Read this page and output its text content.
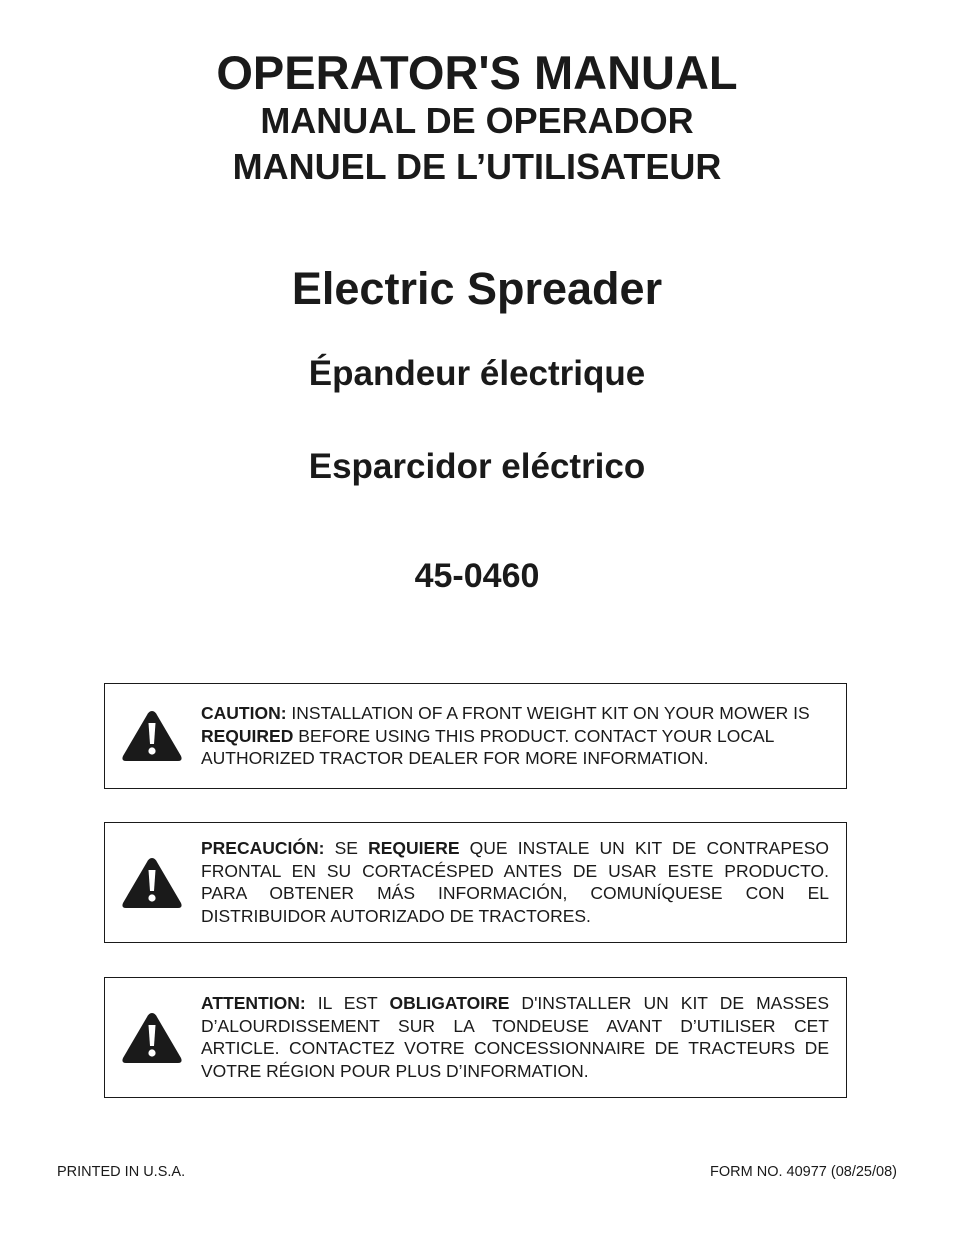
OPERATOR'S MANUAL
MANUAL DE OPERADOR
MANUEL DE L’UTILISATEUR
Electric Spreader
Épandeur électrique
Esparcidor eléctrico
45-0460
CAUTION: INSTALLATION OF A FRONT WEIGHT KIT ON YOUR MOWER IS REQUIRED BEFORE USING THIS PRODUCT. CONTACT YOUR LOCAL AUTHORIZED TRACTOR DEALER FOR MORE INFORMATION.
PRECAUCIÓN: SE REQUIERE QUE INSTALE UN KIT DE CONTRAPESO FRONTAL EN SU CORTACÉSPED ANTES DE USAR ESTE PRODUCTO. PARA OBTENER MÁS INFORMACIÓN, COMUNÍQUESE CON EL DISTRIBUIDOR AUTORIZADO DE TRACTORES.
ATTENTION: IL EST OBLIGATOIRE D'INSTALLER UN KIT DE MASSES D’ALOURDISSEMENT SUR LA TONDEUSE AVANT D’UTILISER CET ARTICLE. CONTACTEZ VOTRE CONCESSIONNAIRE DE TRACTEURS DE VOTRE RÉGION POUR PLUS D’INFORMATION.
PRINTED IN U.S.A.	FORM NO. 40977 (08/25/08)
